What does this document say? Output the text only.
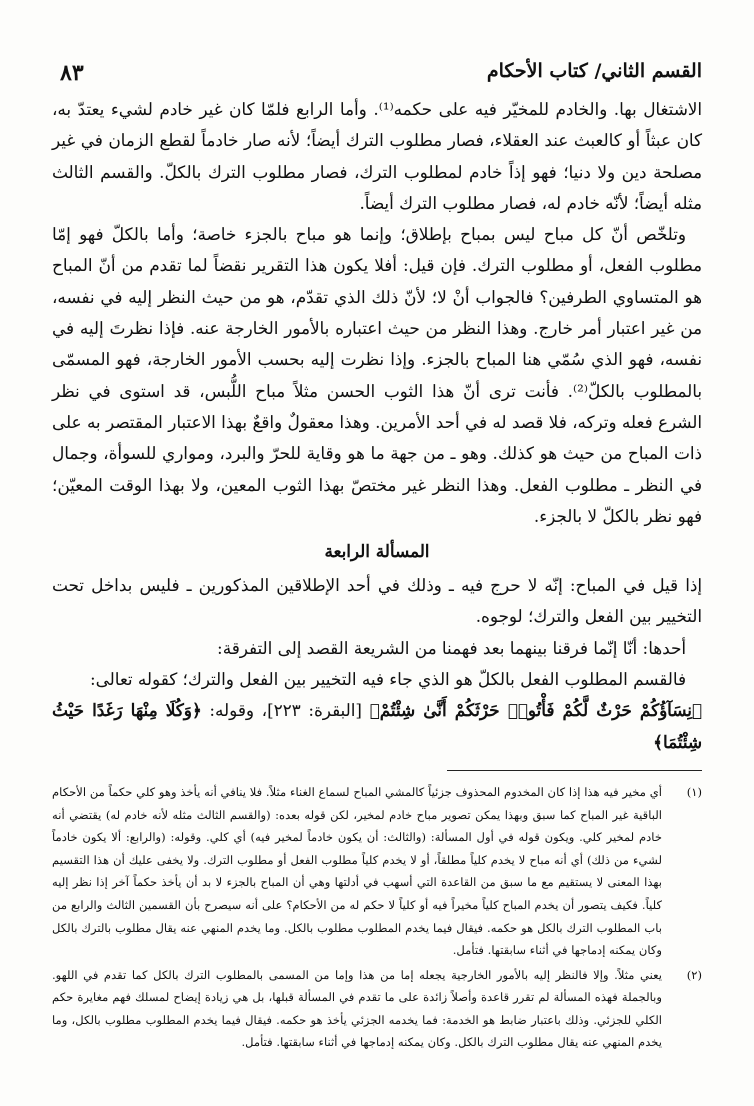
القسم الثاني/ كتاب الأحكام
٨٣

الاشتغال بها. والخادم للمخيّر فيه على حكمه⁽¹⁾. وأما الرابع فلمّا كان غير خادم لشيء يعتدّ به، كان عبثاً أو كالعبث عند العقلاء، فصار مطلوب الترك أيضاً؛ لأنه صار خادماً لقطع الزمان في غير مصلحة دين ولا دنيا؛ فهو إذاً خادم لمطلوب الترك، فصار مطلوب الترك بالكلّ. والقسم الثالث مثله أيضاً؛ لأنّه خادم له، فصار مطلوب الترك أيضاً.

وتلخّص أنّ كل مباح ليس بمباح بإطلاق؛ وإنما هو مباح بالجزء خاصة؛ وأما بالكلّ فهو إمّا مطلوب الفعل، أو مطلوب الترك. فإن قيل: أفلا يكون هذا التقرير نقضاً لما تقدم من أنّ المباح هو المتساوي الطرفين؟ فالجواب أنْ لا؛ لأنّ ذلك الذي تقدّم، هو من حيث النظر إليه في نفسه، من غير اعتبار أمر خارج. وهذا النظر من حيث اعتباره بالأمور الخارجة عنه. فإذا نظرتَ إليه في نفسه، فهو الذي سُمّي هنا المباح بالجزء. وإذا نظرت إليه بحسب الأمور الخارجة، فهو المسمّى بالمطلوب بالكلّ⁽²⁾. فأنت ترى أنّ هذا الثوب الحسن مثلاً مباح اللُّبس، قد استوى في نظر الشرع فعله وتركه، فلا قصد له في أحد الأمرين. وهذا معقولٌ واقعٌ بهذا الاعتبار المقتصر به على ذات المباح من حيث هو كذلك. وهو ـ من جهة ما هو وقاية للحرّ والبرد، ومواري للسوأة، وجمال في النظر ـ مطلوب الفعل. وهذا النظر غير مختصّ بهذا الثوب المعين، ولا بهذا الوقت المعيّن؛ فهو نظر بالكلّ لا بالجزء.

المسألة الرابعة

إذا قيل في المباح: إنّه لا حرج فيه ـ وذلك في أحد الإطلاقين المذكورين ـ فليس بداخل تحت التخيير بين الفعل والترك؛ لوجوه.

أحدها: أنّا إنّما فرقنا بينهما بعد فهمنا من الشريعة القصد إلى التفرقة:

فالقسم المطلوب الفعل بالكلّ هو الذي جاء فيه التخيير بين الفعل والترك؛ كقوله تعالى:

﴿نِسَآؤُكُمْ حَرْثٌ لَّكُمْ فَأْتُوا۟ حَرْثَكُمْ أَنَّىٰ شِئْتُمْ﴾ [البقرة: ٢٢٣]، وقوله: ﴿وَكُلَا مِنْهَا رَغَدًا حَيْثُ شِئْتُمَا﴾

(١)
أي مخير فيه هذا إذا كان المخدوم المحذوف جزئياً كالمشي المباح لسماع الغناء مثلاً. فلا ينافي أنه يأخذ وهو كلي حكماً من الأحكام الباقية غير المباح كما سبق وبهذا يمكن تصوير مباح خادم لمخير، لكن قوله بعده: (والقسم الثالث مثله لأنه خادم له) يقتضي أنه خادم لمخير كلي. ويكون قوله في أول المسألة: (والثالث: أن يكون خادماً لمخير فيه) أي كلي. وقوله: (والرابع: ألا يكون خادماً لشيء من ذلك) أي أنه مباح لا يخدم كلياً مطلقاً، أو لا يخدم كلياً مطلوب الفعل أو مطلوب الترك. ولا يخفى عليك أن هذا التقسيم بهذا المعنى لا يستقيم مع ما سبق من القاعدة التي أسهب في أدلتها وهي أن المباح بالجزء لا بد أن يأخذ حكماً آخر إذا نظر إليه كلياً. فكيف يتصور أن يخدم المباح كلياً مخيراً فيه أو كلياً لا حكم له من الأحكام؟ على أنه سيصرح بأن القسمين الثالث والرابع من باب المطلوب الترك بالكل هو حكمه. فيقال فيما يخدم المطلوب مطلوب بالكل. وما يخدم المنهي عنه يقال مطلوب بالترك بالكل وكان يمكنه إدماجها في أثناء سابقتها. فتأمل.
(٢)
يعني مثلاً. وإلا فالنظر إليه بالأمور الخارجية يجعله إما من هذا وإما من المسمى بالمطلوب الترك بالكل كما تقدم في اللهو. وبالجملة فهذه المسألة لم تقرر قاعدة وأصلاً زائدة على ما تقدم في المسألة قبلها، بل هي زيادة إيضاح لمسلك فهم مغايرة حكم الكلي للجزئي. وذلك باعتبار ضابط هو الخدمة: فما يخدمه الجزئي يأخذ هو حكمه. فيقال فيما يخدم المطلوب مطلوب بالكل، وما يخدم المنهي عنه يقال مطلوب الترك بالكل. وكان يمكنه إدماجها في أثناء سابقتها. فتأمل.
